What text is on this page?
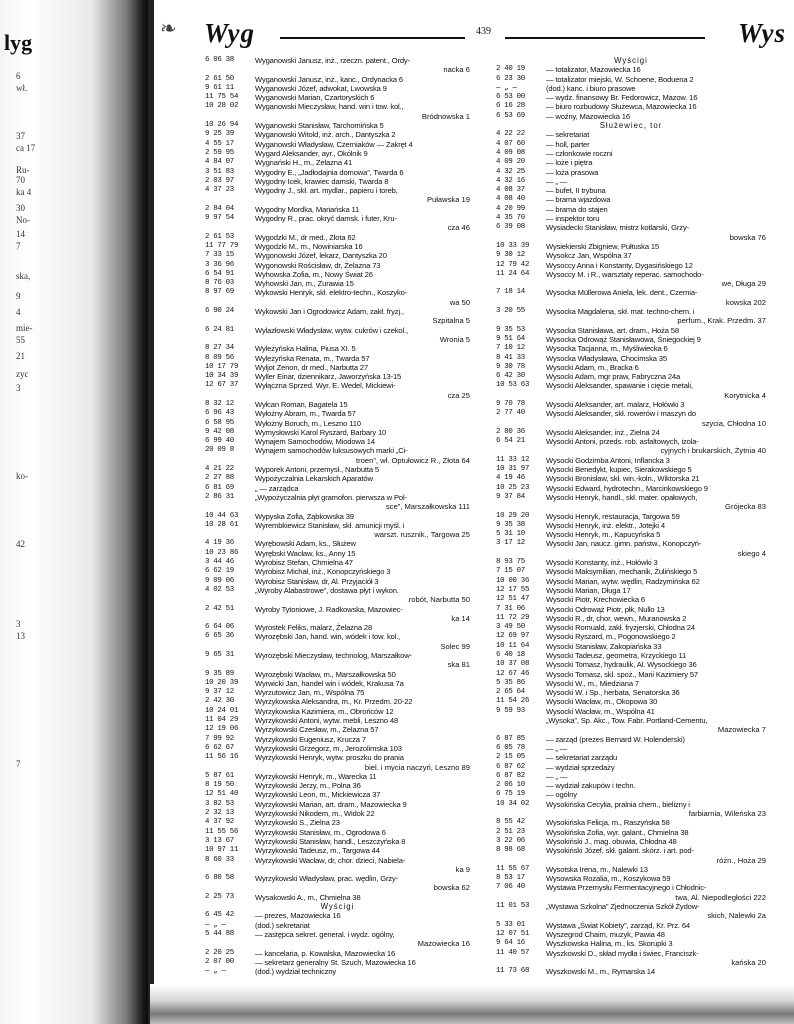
lyg
6
wł.
37
ca 17
Ru-
70
ka 4
30
No-
14
7
ska,
9
4
mie-
55
21
zyc
3
ko-
42
3
13
7
❧	Wyg	439	Wys
6 06 38	Wyganowski Janusz, inż., rzeczn. patent., Ordy-
nacka 6
2 61 50	Wyganowski Janusz, inż., kanc., Ordynacka 6
9 61 11	Wyganowski Józef, adwokat, Lwowska 9
11 75 54	Wyganowski Marian, Czartoryskich 6
10 28 02	Wyganowski Mieczysław, hand. win i tow. kol.,
Bródnowska 1
10 26 94	Wyganowski Stanisław, Tarchomińska 5
9 25 39	Wyganowski Witold, inż. arch., Dantyszka 2
4 55 17	Wyganowski Władysław, Czerniaków — Zakręt 4
2 59 95	Wygard Aleksander, ayr., Okólnik 9
4 84 07	Wygnański H., m., Zelazna 41
3 51 83	Wygodny E., „Jadłodajnia domowa”, Twarda 6
2 03 97	Wygodny Icek, krawiec damski, Twarda 8
4 37 23	Wygodny J., skł. art. mydlar., papieru i toreb,
Puławska 19
2 84 04	Wygodny Mordka, Mariańska 11
9 97 54	Wygodny R., prac. okryć damsk. i futer, Kru-
cza 46
2 61 53	Wygodzki M., dr med., Złota 62
11 77 79	Wygodzki M., m., Nowiniarska 16
7 33 15	Wygonowski Józef, lekarz, Dantyszka 20
3 36 96	Wygonowski Rościsław, dr, Żelazna 73
6 54 91	Wyhowska Zofia, m., Nowy Świat 26
8 76 03	Wyhowski Jan, m., Zurawia 15
8 97 69	Wykowski Henryk, skł. elektro-techn., Koszyko-
wa 50
6 90 24	Wykowski Jan i Ogrodowicz Adam, zakł. fryzj.,
Szpitalna 5
6 24 81	Wylazłowski Władysław, wytw. cukrów i czekol.,
Wronia 5
8 27 34	Wyleżyńska Halina, Piusa XI. 5
8 09 56	Wyleżyńska Renata, m., Twarda 57
10 17 79	Wyljot Zenon, dr med., Narbutta 27
10 34 39	Wyller Einar, dziennikarz, Jaworzyńska 13-15
12 67 37	Wyłączna Sprzed. Wyr. E. Wedel, Mickiewi-
cza 25
8 32 12	Wyłcan Roman, Bagatela 15
6 96 43	Wyłożny Abram, m., Twarda 57
6 58 95	Wyłożny Boruch, m., Leszno 110
9 42 08	Wymysłowski Karol Ryszard, Barbary 10
6 99 40	Wynajem Samochodów, Miodowa 14
20 09 8	Wynajem samochodów luksusowych marki „Ci-
troen”, wł. Optułowicz R., Złota 64
4 21 22	Wyporek Antoni, przemysł., Narbutta 5
2 27 88	Wypożyczalnia Lekarskich Aparatów
6 81 69	„ — zarządca
2 86 31	„Wypożyczalnia płyt gramofon. pierwsza w Pol-
sce”, Marszałkowska 111
10 44 63	Wypyska Zofia, Ząbkowska 39
10 28 61	Wyrembkiewicz Stanisław, skł. amunicji myśl. i
warszt. rusznik., Targowa 25
4 19 36	Wyrębowski Adam, ks., Służew
10 23 86	Wyrębski Wacław, ks., Anny 15
3 44 46	Wyrobisz Stefan, Chmielna 47
6 62 19	Wyrobisz Michał, inż., Konopczyńskiego 3
9 09 06	Wyrobisz Stanisław, dr, Al. Przyjaciół 3
4 02 53	„Wyroby Alabastrowe”, dostawa płyt i wykon.
robót, Narbutta 50
2 42 51	Wyroby Tytoniowe, J. Radkowska, Mazowiec-
ka 14
6 64 06	Wyrostek Feliks, malarz, Żelazna 28
6 65 36	Wyrozębski Jan, hand. win, wódek i tow. kol.,
Solec 99
9 65 31	Wyrozębski Mieczysław, technolog, Marszałkow-
ska 81
9 35 89	Wyrozębski Wacław, m., Marszałkowska 50
10 20 39	Wyrwicki Jan, handel win i wódek, Krakusa 7a
9 37 12	Wyrzutowicz Jan, m., Wspólna 75
2 42 30	Wyrzykowska Aleksandra, m., Kr. Przedm. 20-22
10 24 01	Wyrzykowska Kazimiera, m., Obrońców 12
11 04 29	Wyrzykowski Antoni, wytw. mebli, Leszno 48
12 19 06	Wyrzykowski Czesław, m., Żelazna 57
7 99 92	Wyrzykowski Eugeniusz, Krucza 7
6 62 67	Wyrzykowski Grzegorz, m., Jerozolimska 103
11 56 16	Wyrzykowski Henryk, wytw. proszku do prania
biel. i mycia naczyń, Leszno 89
5 87 61	Wyrzykowski Henryk, m., Warecka 11
8 19 50	Wyrzykowski Jerzy, m., Polna 36
12 51 40	Wyrzykowski Leon, m., Mickiewicza 37
3 82 53	Wyrzykowski Marian, art. dram., Mazowiecka 9
2 32 13	Wyrzykowski Nikodem, m., Widok 22
4 37 92	Wyrzykowski S., Zielna 23
11 55 56	Wyrzykowski Stanisław, m., Ogrodowa 6
3 13 67	Wyrzykowski Stanisław, handl., Leszczyńska 8
10 97 11	Wyrzykowski Tadeusz, m., Targowa 44
8 60 33	Wyrzykowski Wacław, dr, chor. dzieci, Nabiela-
ka 9
6 80 58	Wyrzykowski Władysław, prac. wędlin, Grzy-
bowska 62
2 25 73	Wysakowski A., m., Chmielna 38
Wyścigi
6 45 42	— prezes, Mazowiecka 16
— „ —	(dod.) sekretariat
5 44 88	— zastępca sekret. general. i wydz. ogólny,
Mazowiecka 16
2 20 25	— kancelaria, p. Kowalska, Mazowiecka 16
2 07 00	— sekretarz generalny St. Szuch, Mazowiecka 16
— „ —	(dod.) wydział techniczny
Wyścigi
2 40 19	— totalizator, Mazowiecka 16
6 23 30	— totalizator miejski, W. Schoene, Boduena 2
— „ —	(dod.) kanc. i biuro prasowe
6 53 00	— wydz. finansowy Br. Fedorowicz, Mazow. 16
6 16 28	— biuro rozbudowy Służewca, Mazowiecka 16
6 53 69	— woźny, Mazowiecka 16
Służewiec, tor
4 22 22	— sekretariat
4 07 60	— holl, parter
4 09 08	— członkowie roczni
4 09 20	— loże i piętra
4 32 25	— loża prasowa
4 32 16	— „ —
4 08 37	— bufet, II trybuna
4 08 40	— brama wjazdowa
4 20 99	— brama do stajen
4 35 70	— inspektor toru
6 39 08	Wysiadecki Stanisław, mistrz kotlarski, Grzy-
bowska 76
10 33 39	Wysiekierski Zbigniew, Pułtuska 15
9 30 12	Wysokcz Jan, Wspólna 37
12 79 42	Wysoccy Anna i Konstanty, Dygasińskiego 12
11 24 64	Wysoccy M. i R., warsztaty reperac. samochodo-
we, Długa 29
7 18 14	Wysocka Müllerowa Aniela, lek. dent., Czernia-
kowska 202
3 20 55	Wysocka Magdalena, skł. mat. techno-chem. i
perfum., Krak. Przedm. 37
9 35 53	Wysocka Stanisława, art. dram., Hoża 58
9 51 64	Wysocka Odrowąż Stanisławowa, Śniegockiej 9
7 10 12	Wysocka Tacjanna, m., Myśliwiecka 6
8 41 33	Wysocka Władysława, Chocimska 35
9 30 78	Wysocki Adam, m., Bracka 6
6 42 30	Wysocki Adam, mgr praw, Fabryczna 24a
10 53 63	Wysocki Aleksander, spawanie i cięcie metali,
Korytnicka 4
9 70 78	Wysocki Aleksander, art. malarz, Hołówki 3
2 77 40	Wysocki Aleksander, skł. rowerów i maszyn do
szycia, Chłodna 10
2 80 36	Wysocki Aleksander, inż., Zielna 24
6 54 21	Wysocki Antoni, przeds. rob. asfaltowych, izola-
cyjnych i brukarskich, Żytnia 40
11 33 12	Wysocki Godzimba Antoni, Inflancka 3
10 31 97	Wysocki Benedykt, kupiec, Sierakowskiego 5
4 19 46	Wysocki Bronisław, skł. win.-koln., Wiktorska 21
10 25 23	Wysocki Edward, hydrotechn., Marcinkowskiego 9
9 37 84	Wysocki Henryk, handl., skł. mater. opałowych,
Grójecka 83
10 29 20	Wysocki Henryk, restauracja, Targowa 59
9 35 38	Wysocki Henryk, inż. elektr., Jotejki 4
5 31 10	Wysocki Henryk, m., Kapucyńska 5
3 17 12	Wysocki Jan, naucz. gimn. państw., Konopczyń-
skiego 4
8 93 75	Wysocki Konstanty, inż., Hołówki 3
7 15 07	Wysocki Maksymilian, mechanik, Żulińskiego 5
10 00 36	Wysocki Marian, wytw. wędlin, Radzymińska 62
12 17 55	Wysocki Marian, Długa 17
12 51 47	Wysocki Piotr, Krechowiecka 6
7 31 06	Wysocki Odrowąż Piotr, płk, Nullo 13
11 72 29	Wysocki R., dr, chor. wewn., Muranowska 2
3 49 50	Wysocki Romuald, zakł. fryzjerski, Chłodna 24
12 69 97	Wysocki Ryszard, m., Pogonowskiego 2
10 11 64	Wysocki Stanisław, Zakopiańska 33
6 40 18	Wysocki Tadeusz, geometra, Krzyckiego 11
10 37 08	Wysocki Tomasz, hydraulik, Al. Wysockiego 36
12 67 46	Wysocki Tomasz, skl. spoż., Marii Kazimiery 57
5 35 86	Wysocki W., m., Miedziana 7
2 65 64	Wysocki W. i Sp., herbata, Senatorska 36
11 54 26	Wysocki Wacław, m., Okopowa 30
9 59 93	Wysocki Wacław, m., Wspólna 41
„Wysoka”, Sp. Akc., Tow. Fabr. Portland-Cementu,
Mazowiecka 7
6 87 85	— zarząd (prezes Bernard W. Holenderski)
6 05 78	— „ —
2 15 05	— sekretariat zarządu
6 87 62	— wydział sprzedaży
6 87 82	— „ —
2 06 10	— wydział zakupów i techn.
6 75 19	— ogólny
10 34 02	Wysokińska Cecylia, pralnia chem., bielizny i
farbiarnia, Wileńska 23
8 55 42	Wysokińska Felicja, m., Raszyńska 58
2 51 23	Wysokińska Zofia, wyr. galant., Chmielna 38
3 22 06	Wysokiński J., mag. obuwia, Chłodna 48
8 98 68	Wysokiński Józef, skł. galant. skórz. i art. pod-
różn., Hoża 29
11 55 67	Wysotska Irena, m., Nalewki 13
8 53 17	Wysowska Rozalia, m., Koszykowa 59
7 06 40	Wystawa Przemysłu Fermentacyjnego i Chłodnic-
twa, Al. Niepodległości 222
11 01 53	„Wystawa Szkolna” Zjednoczenia Szkół Żydow-
skich, Nalewki 2a
5 33 01	Wystawa „Świat Kobiety”, zarząd, Kr. Prz. 64
12 07 51	Wyszegrod Chaim, muzyk, Pawia 48
9 64 16	Wyszkowska Halina, m., ks. Skorupki 3
11 40 57	Wyszkowski D., skład mydła i świec, Franciszk-
kańska 20
11 73 68	Wyszkowski M., m., Rymarska 14
